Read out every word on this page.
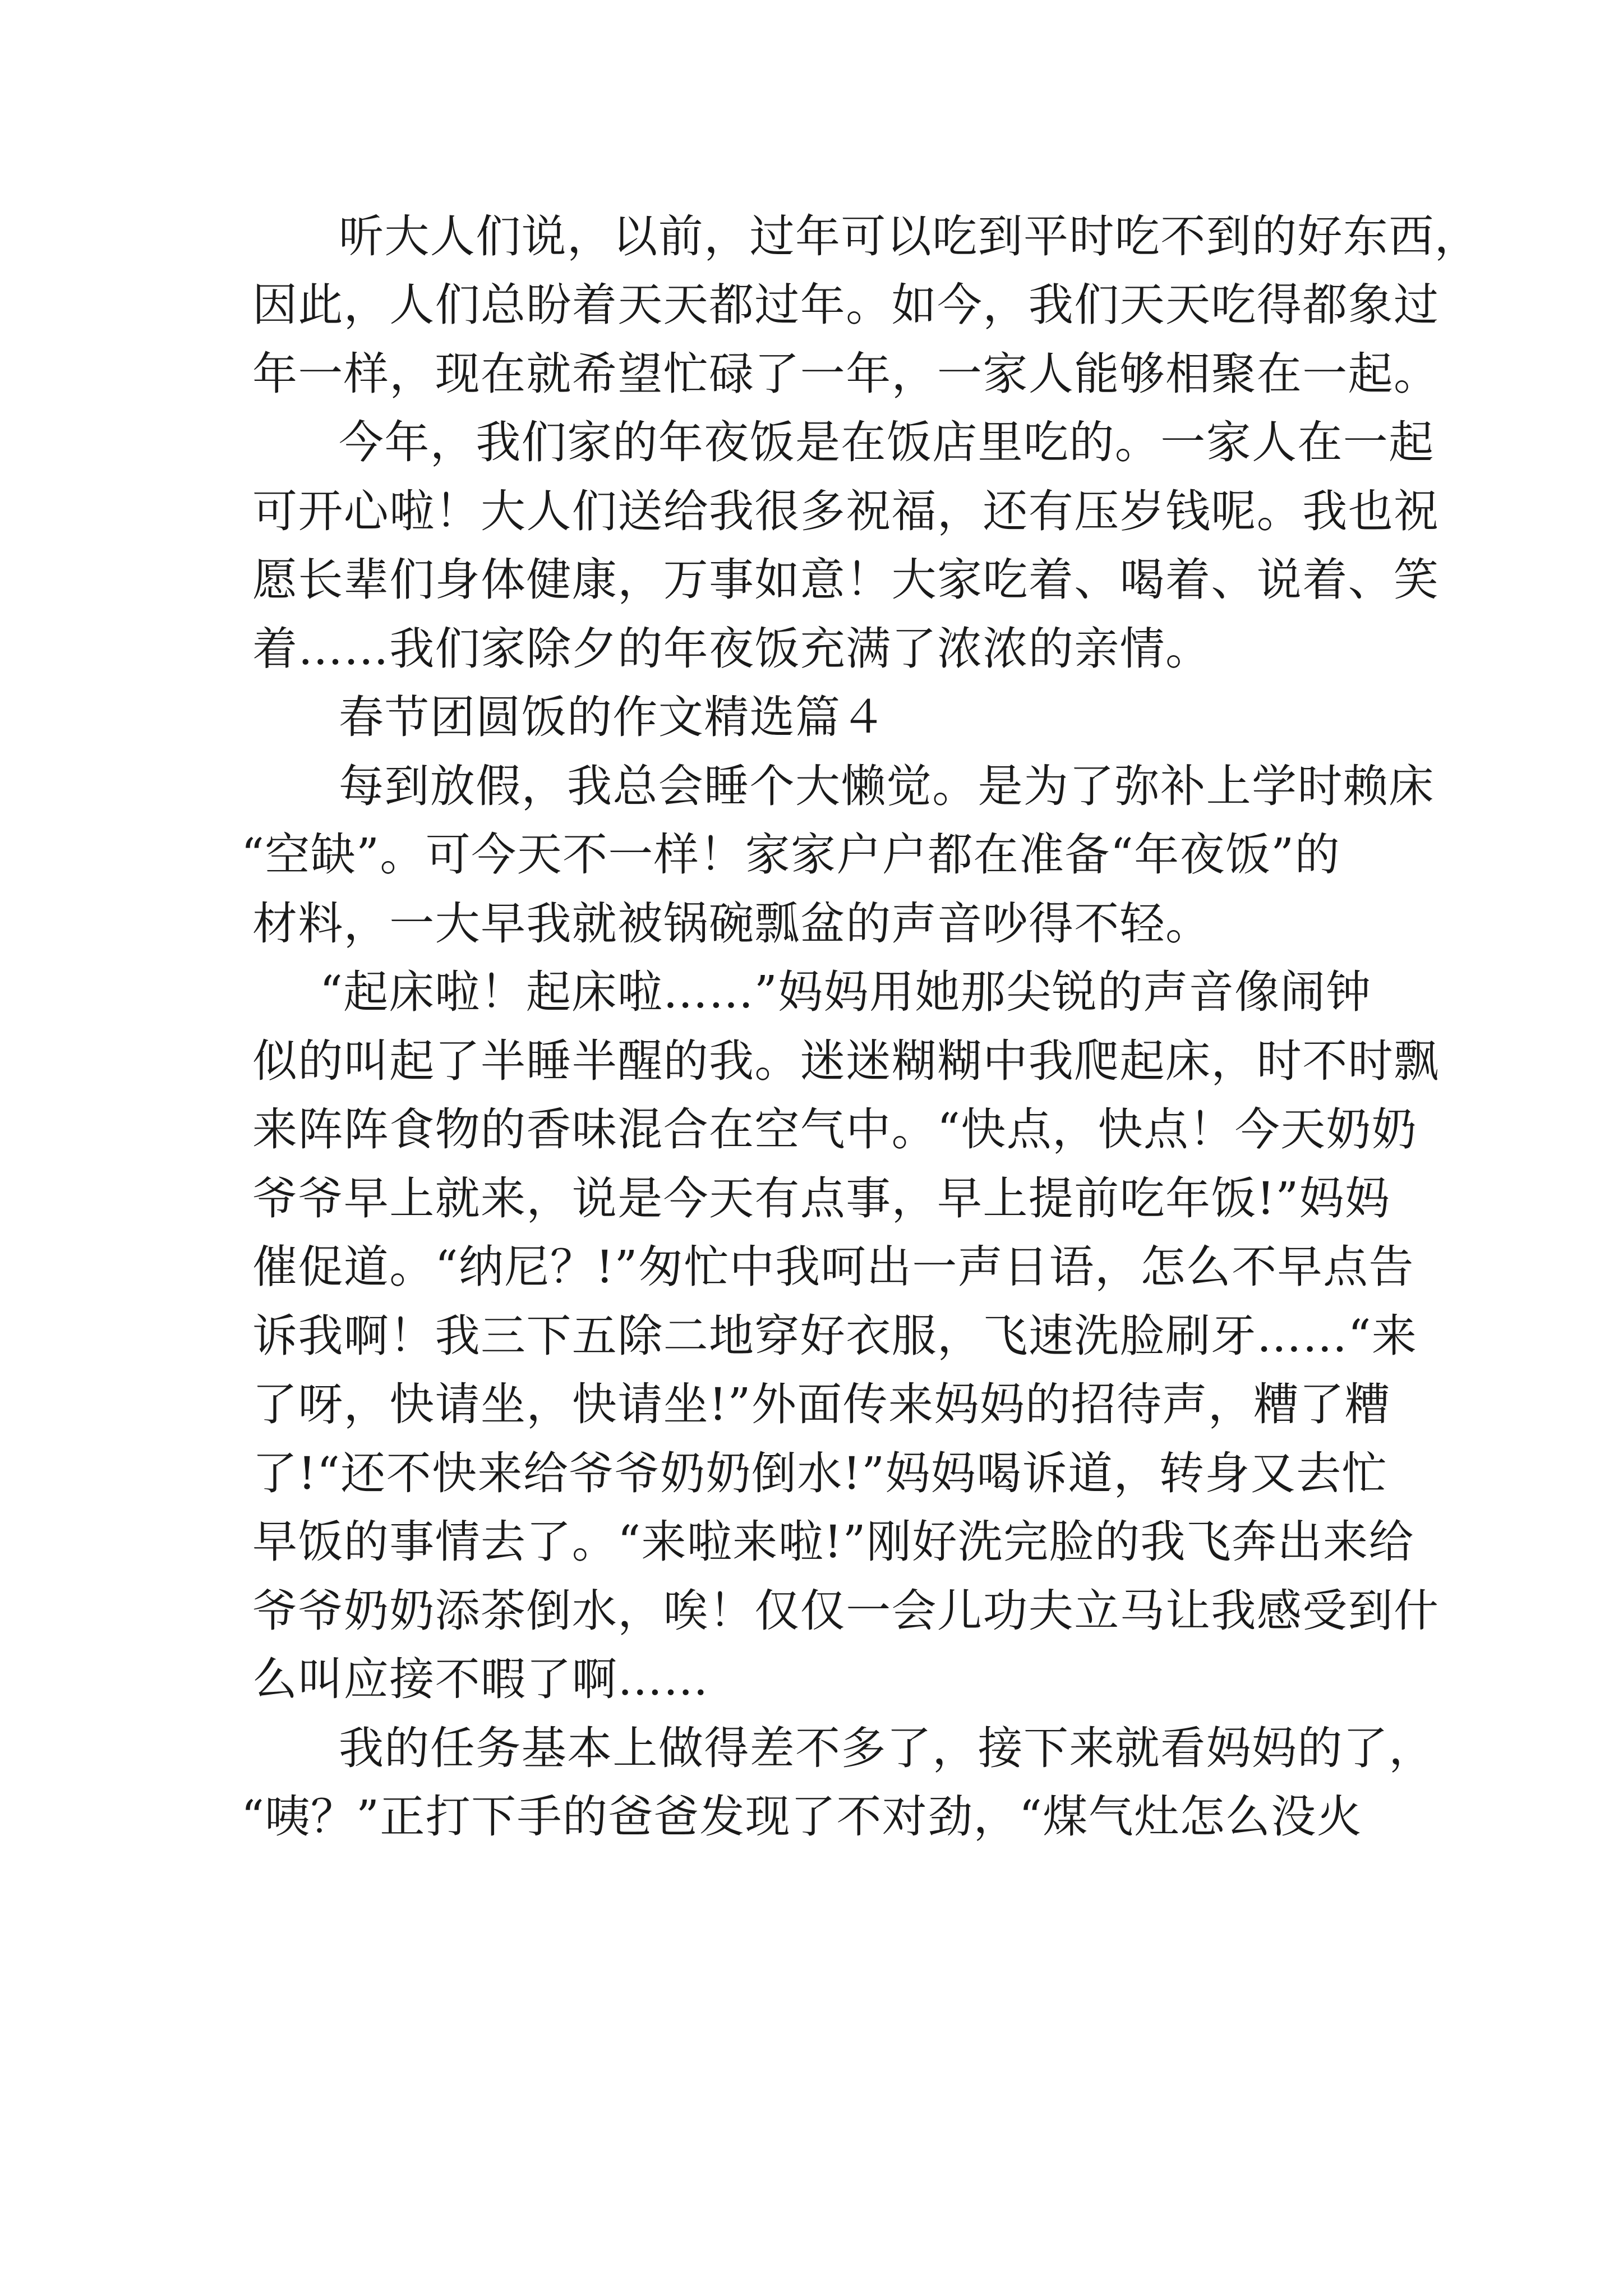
听大人们说，以前，过年可以吃到平时吃不到的好东西，

因此，人们总盼着天天都过年。如今，我们天天吃得都象过

年一样，现在就希望忙碌了一年，一家人能够相聚在一起。

今年，我们家的年夜饭是在饭店里吃的。一家人在一起

可开心啦！大人们送给我很多祝福，还有压岁钱呢。我也祝

愿长辈们身体健康，万事如意！大家吃着、喝着、说着、笑

着……我们家除夕的年夜饭充满了浓浓的亲情。

春节团圆饭的作文精选篇４

每到放假，我总会睡个大懒觉。是为了弥补上学时赖床

“空缺”。可今天不一样！家家户户都在准备“年夜饭”的

材料，一大早我就被锅碗瓢盆的声音吵得不轻。

“起床啦！起床啦……”妈妈用她那尖锐的声音像闹钟

似的叫起了半睡半醒的我。迷迷糊糊中我爬起床，时不时飘

来阵阵食物的香味混合在空气中。“快点，快点！今天奶奶

爷爷早上就来，说是今天有点事，早上提前吃年饭!”妈妈

催促道。“纳尼？!”匆忙中我呵出一声日语，怎么不早点告

诉我啊！我三下五除二地穿好衣服，飞速洗脸刷牙……“来

了呀，快请坐，快请坐!”外面传来妈妈的招待声，糟了糟

了!“还不快来给爷爷奶奶倒水!”妈妈喝诉道，转身又去忙

早饭的事情去了。“来啦来啦!”刚好洗完脸的我飞奔出来给

爷爷奶奶添茶倒水，唉！仅仅一会儿功夫立马让我感受到什

么叫应接不暇了啊……

我的任务基本上做得差不多了，接下来就看妈妈的了，

“咦？”正打下手的爸爸发现了不对劲，“煤气灶怎么没火
